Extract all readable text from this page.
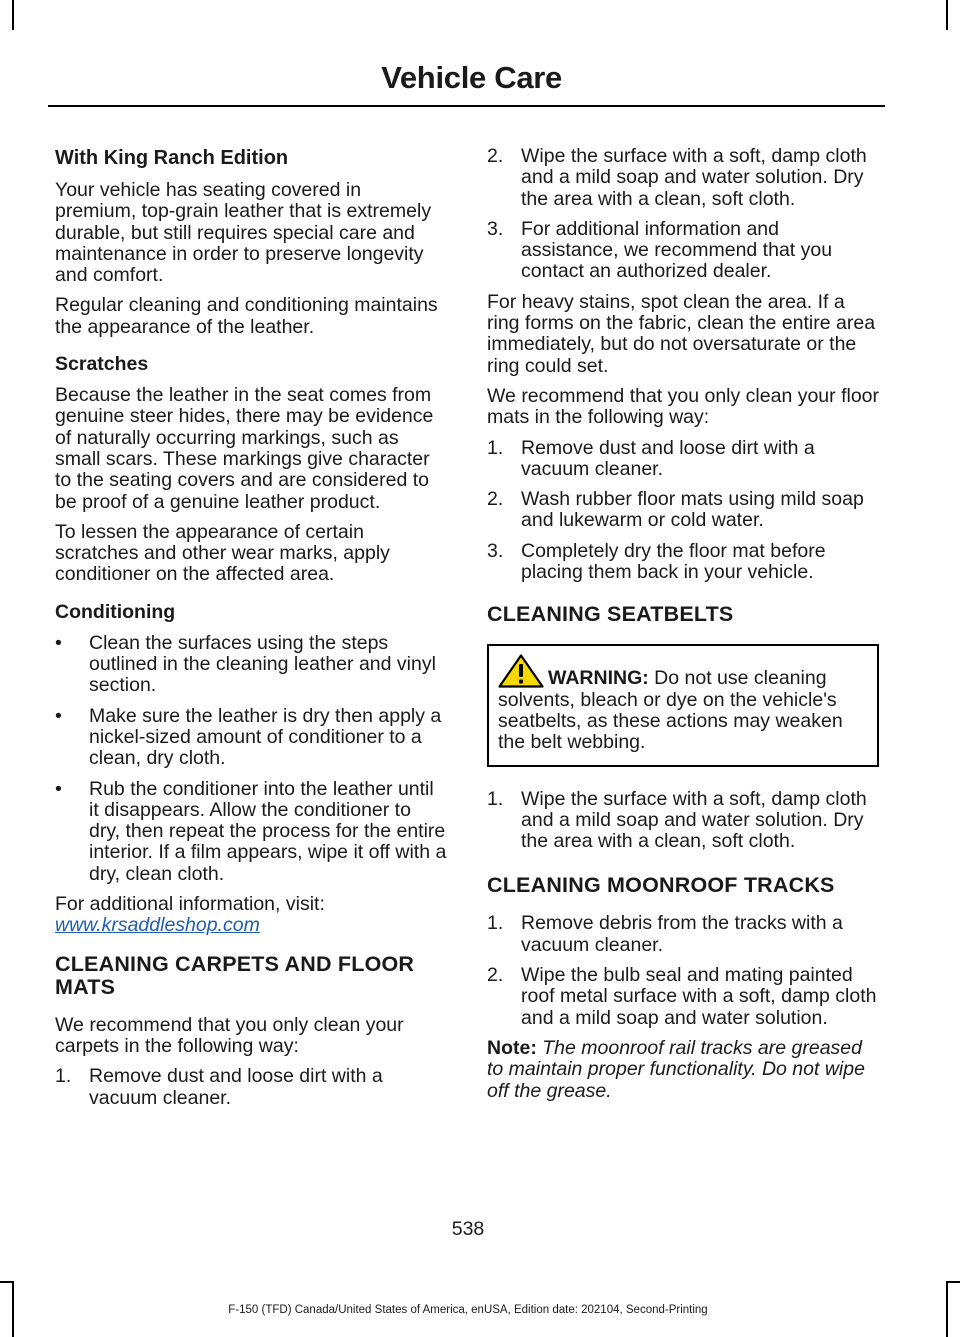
Vehicle Care
With King Ranch Edition

Your vehicle has seating covered in premium, top-grain leather that is extremely durable, but still requires special care and maintenance in order to preserve longevity and comfort.

Regular cleaning and conditioning maintains the appearance of the leather.

Scratches

Because the leather in the seat comes from genuine steer hides, there may be evidence of naturally occurring markings, such as small scars. These markings give character to the seating covers and are considered to be proof of a genuine leather product.

To lessen the appearance of certain scratches and other wear marks, apply conditioner on the affected area.

Conditioning
• Clean the surfaces using the steps outlined in the cleaning leather and vinyl section.
• Make sure the leather is dry then apply a nickel-sized amount of conditioner to a clean, dry cloth.
• Rub the conditioner into the leather until it disappears. Allow the conditioner to dry, then repeat the process for the entire interior. If a film appears, wipe it off with a dry, clean cloth.

For additional information, visit:
www.krsaddleshop.com

CLEANING CARPETS AND FLOOR MATS

We recommend that you only clean your carpets in the following way:

1. Remove dust and loose dirt with a vacuum cleaner.
2. Wipe the surface with a soft, damp cloth and a mild soap and water solution. Dry the area with a clean, soft cloth.
3. For additional information and assistance, we recommend that you contact an authorized dealer.

For heavy stains, spot clean the area. If a ring forms on the fabric, clean the entire area immediately, but do not oversaturate or the ring could set.

We recommend that you only clean your floor mats in the following way:

1. Remove dust and loose dirt with a vacuum cleaner.
2. Wash rubber floor mats using mild soap and lukewarm or cold water.
3. Completely dry the floor mat before placing them back in your vehicle.
CLEANING SEATBELTS
WARNING: Do not use cleaning solvents, bleach or dye on the vehicle's seatbelts, as these actions may weaken the belt webbing.
1. Wipe the surface with a soft, damp cloth and a mild soap and water solution. Dry the area with a clean, soft cloth.
CLEANING MOONROOF TRACKS
1. Remove debris from the tracks with a vacuum cleaner.
2. Wipe the bulb seal and mating painted roof metal surface with a soft, damp cloth and a mild soap and water solution.

Note: The moonroof rail tracks are greased to maintain proper functionality. Do not wipe off the grease.

538
F-150 (TFD) Canada/United States of America, enUSA, Edition date: 202104, Second-Printing
